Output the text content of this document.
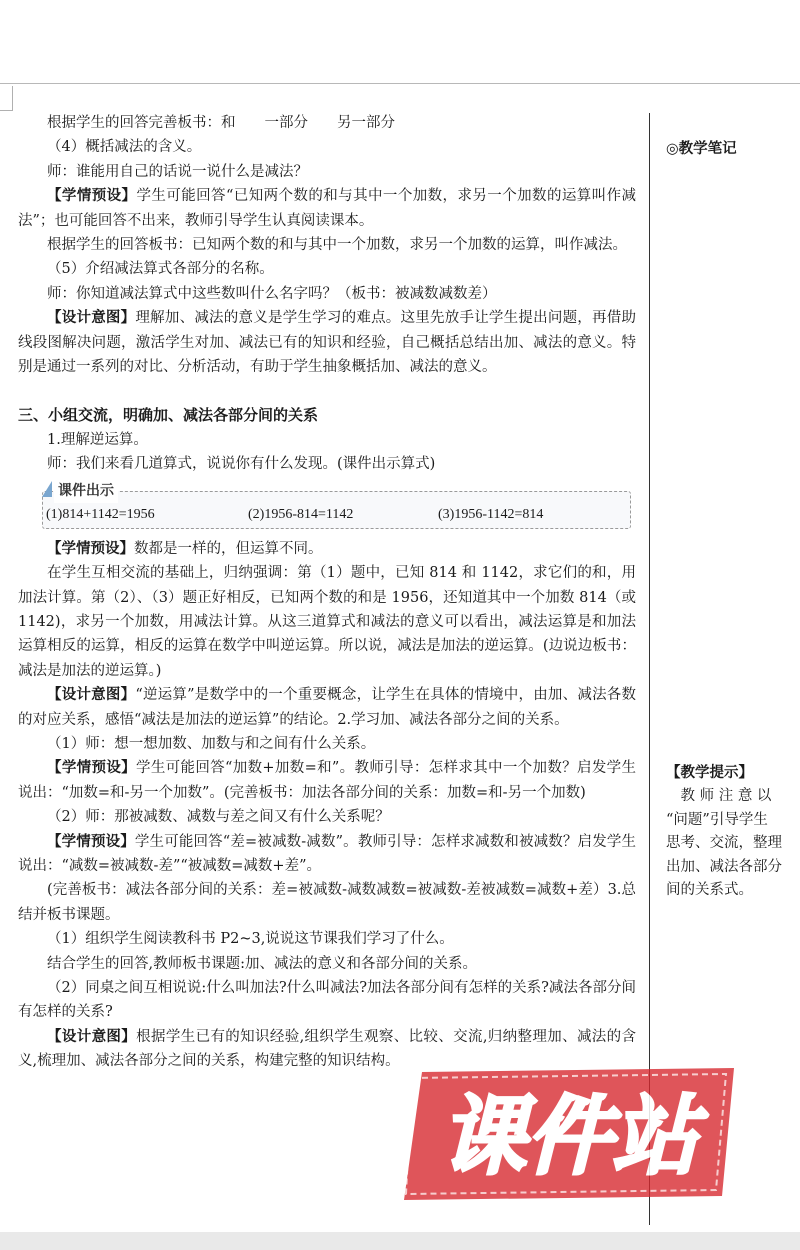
根据学生的回答完善板书：和　　一部分　　另一部分

（4）概括减法的含义。

师：谁能用自己的话说一说什么是减法？

【学情预设】学生可能回答“已知两个数的和与其中一个加数，求另一个加数的运算叫作减法”；也可能回答不出来，教师引导学生认真阅读课本。

根据学生的回答板书：已知两个数的和与其中一个加数，求另一个加数的运算，叫作减法。

（5）介绍减法算式各部分的名称。

师：你知道减法算式中这些数叫什么名字吗？（板书：被减数减数差）

【设计意图】理解加、减法的意义是学生学习的难点。这里先放手让学生提出问题，再借助线段图解决问题，激活学生对加、减法已有的知识和经验，自己概括总结出加、减法的意义。特别是通过一系列的对比、分析活动，有助于学生抽象概括加、减法的意义。

三、小组交流，明确加、减法各部分间的关系

1.理解逆运算。

师：我们来看几道算式，说说你有什么发现。(课件出示算式)

课件出示
(1)814+1142=1956	(2)1956-814=1142	(3)1956-1142=814

【学情预设】数都是一样的，但运算不同。

在学生互相交流的基础上，归纳强调：第（1）题中，已知 814 和 1142，求它们的和，用加法计算。第（2）、（3）题正好相反，已知两个数的和是 1956，还知道其中一个加数 814（或 1142)，求另一个加数，用减法计算。从这三道算式和减法的意义可以看出，减法运算是和加法运算相反的运算，相反的运算在数学中叫逆运算。所以说，减法是加法的逆运算。(边说边板书：减法是加法的逆运算。)

【设计意图】“逆运算”是数学中的一个重要概念，让学生在具体的情境中，由加、减法各数的对应关系，感悟“减法是加法的逆运算”的结论。2.学习加、减法各部分之间的关系。

（1）师：想一想加数、加数与和之间有什么关系。

【学情预设】学生可能回答“加数+加数=和”。教师引导：怎样求其中一个加数？启发学生说出：“加数=和-另一个加数”。(完善板书：加法各部分间的关系：加数=和-另一个加数)

（2）师：那被减数、减数与差之间又有什么关系呢？

【学情预设】学生可能回答“差=被减数-减数”。教师引导：怎样求减数和被减数？启发学生说出：“减数=被减数-差”“被减数=减数+差”。

(完善板书：减法各部分间的关系：差=被减数-减数减数=被减数-差被减数=减数+差）3.总结并板书课题。

（1）组织学生阅读教科书 P2~3,说说这节课我们学习了什么。

结合学生的回答,教师板书课题:加、减法的意义和各部分间的关系。

（2）同桌之间互相说说:什么叫加法?什么叫减法?加法各部分间有怎样的关系?减法各部分间有怎样的关系?

【设计意图】根据学生已有的知识经验,组织学生观察、比较、交流,归纳整理加、减法的含义,梳理加、减法各部分之间的关系，构建完整的知识结构。

◎教学笔记
【教学提示】

　教 师 注 意 以

“问题”引导学生

思考、交流，整理

出加、减法各部分

间的关系式。

课件站
